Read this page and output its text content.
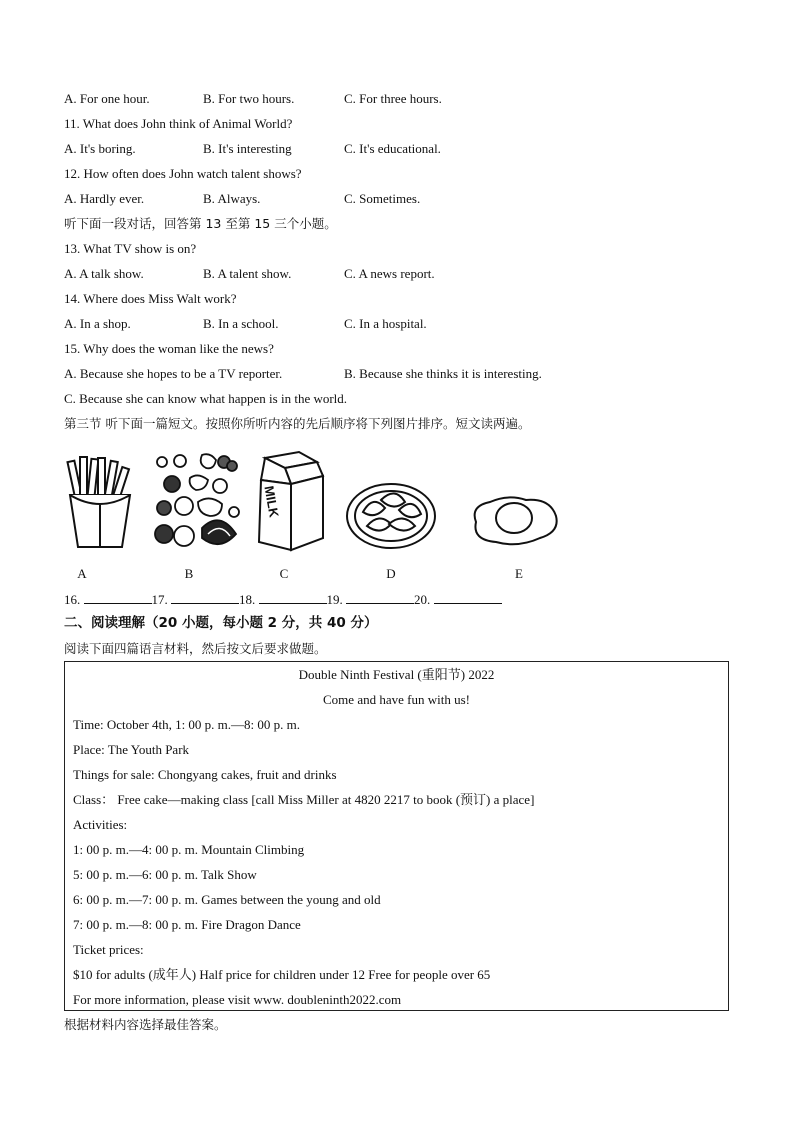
A. For one hour.	B. For two hours.	C. For three hours.
11. What does John think of Animal World?
A. It's boring.	B. It's interesting	C. It's educational.
12. How often does John watch talent shows?
A. Hardly ever.	B. Always.	C. Sometimes.
听下面一段对话，回答第 13 至第 15 三个小题。
13. What TV show is on?
A. A talk show.	B. A talent show.	C. A news report.
14. Where does Miss Walt work?
A. In a shop.	B. In a school.	C. In a hospital.
15. Why does the woman like the news?
A. Because she hopes to be a TV reporter.	B. Because she thinks it is interesting.
C. Because she can know what happen is in the world.
第三节 听下面一篇短文。按照你所听内容的先后顺序将下列图片排序。短文读两遍。
MILK
A	B	C	D	E
16.	17.	18.	19.	20.
二、阅读理解（20 小题，每小题 2 分，共 40 分）
阅读下面四篇语言材料，然后按文后要求做题。
Double Ninth Festival (重阳节) 2022
Come and have fun with us!
Time: October 4th, 1: 00 p. m.—8: 00 p. m.
Place: The Youth Park
Things for sale: Chongyang cakes, fruit and drinks
Class： Free cake—making class [call Miss Miller at 4820 2217 to book (预订) a place]
Activities:
1: 00 p. m.—4: 00 p. m. Mountain Climbing
5: 00 p. m.—6: 00 p. m. Talk Show
6: 00 p. m.—7: 00 p. m. Games between the young and old
7: 00 p. m.—8: 00 p. m. Fire Dragon Dance
Ticket prices:
$10 for adults (成年人) Half price for children under 12 Free for people over 65
For more information, please visit www. doubleninth2022.com
根据材料内容选择最佳答案。
